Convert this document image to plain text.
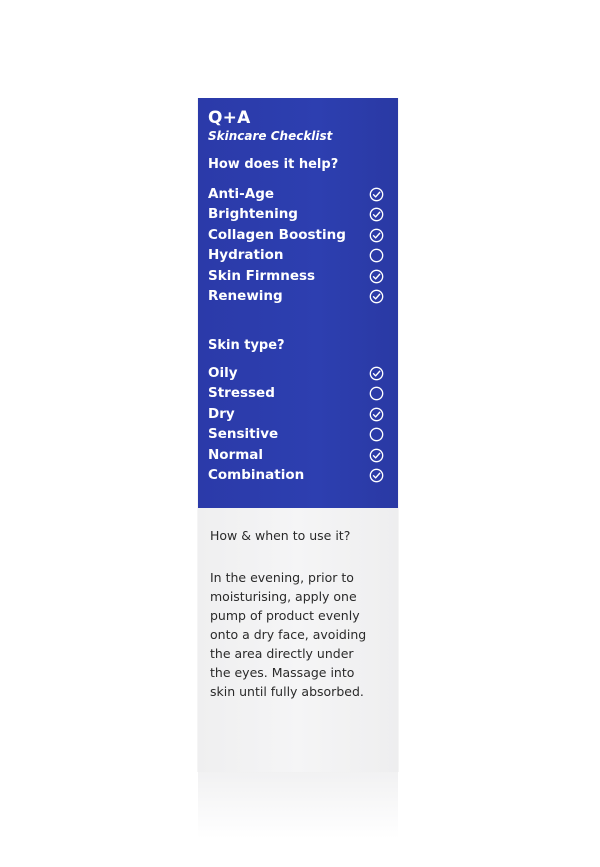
Q+A
Skincare Checklist
How does it help?
Anti-Age
Brightening
Collagen Boosting
Hydration
Skin Firmness
Renewing
Skin type?
Oily
Stressed
Dry
Sensitive
Normal
Combination
How & when to use it?
In the evening, prior to
moisturising, apply one
pump of product evenly
onto a dry face, avoiding
the area directly under
the eyes. Massage into
skin until fully absorbed.
